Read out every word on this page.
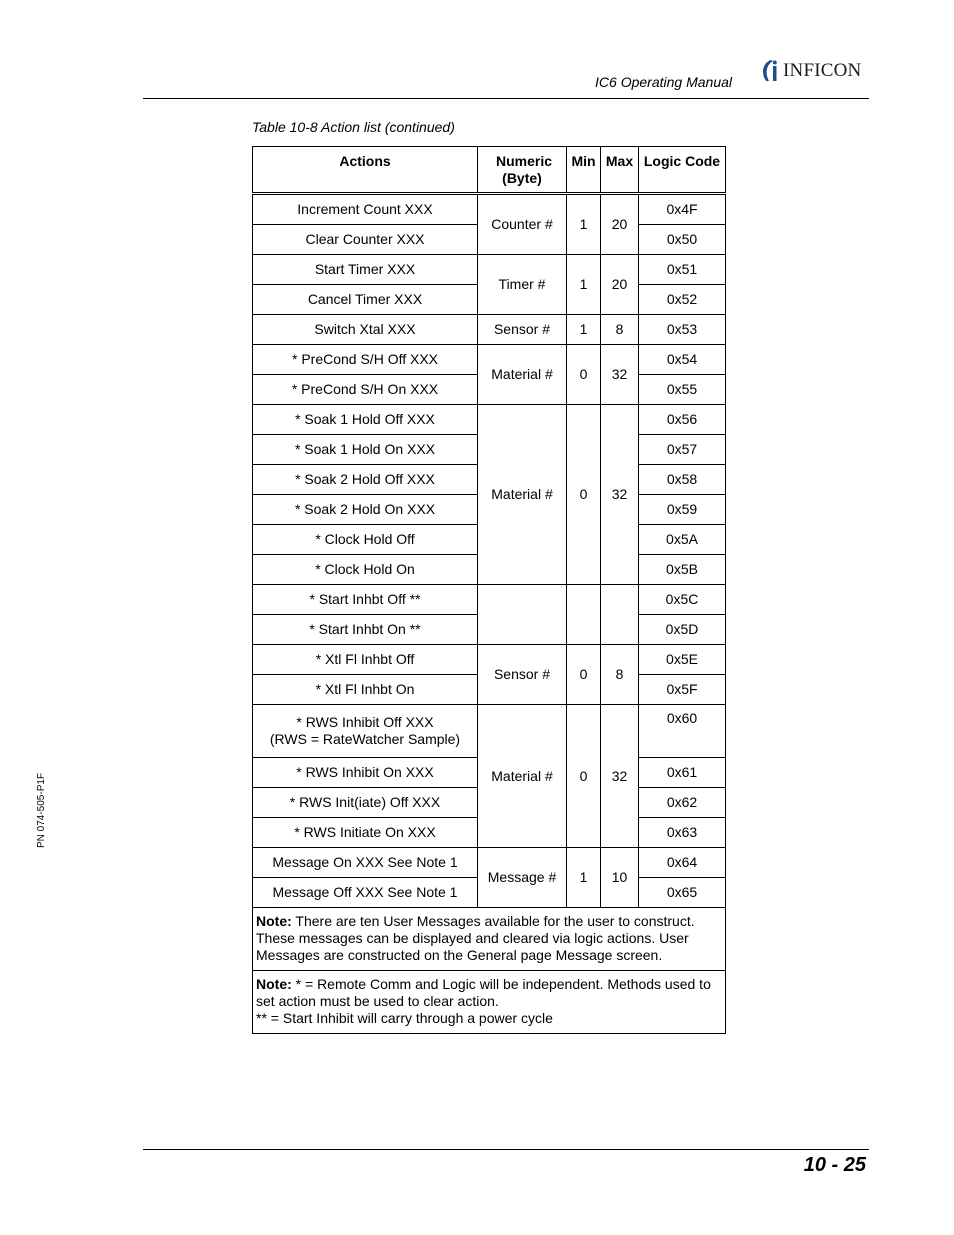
IC6 Operating Manual
INFICON
Table 10-8 Action list (continued)
Actions	Numeric (Byte)	Min	Max	Logic Code
Increment Count XXX	Counter #	1	20	0x4F
Clear Counter XXX				0x50
Start Timer XXX	Timer #	1	20	0x51
Cancel Timer XXX				0x52
Switch Xtal XXX	Sensor #	1	8	0x53
* PreCond S/H Off XXX	Material #	0	32	0x54
* PreCond S/H On XXX				0x55
* Soak 1 Hold Off XXX	Material #	0	32	0x56
* Soak 1 Hold On XXX				0x57
* Soak 2 Hold Off XXX				0x58
* Soak 2 Hold On XXX				0x59
* Clock Hold Off				0x5A
* Clock Hold On				0x5B
* Start Inhbt Off **				0x5C
* Start Inhbt On **				0x5D
* Xtl Fl Inhbt Off	Sensor #	0	8	0x5E
* Xtl Fl Inhbt On				0x5F
* RWS Inhibit Off XXX
(RWS = RateWatcher Sample)	Material #	0	32	0x60
* RWS Inhibit On XXX				0x61
* RWS Init(iate) Off XXX				0x62
* RWS Initiate On XXX				0x63
Message On XXX See Note 1	Message #	1	10	0x64
Message Off XXX See Note 1				0x65
Note: There are ten User Messages available for the user to construct. These messages can be displayed and cleared via logic actions. User Messages are constructed on the General page Message screen.				
Note: * = Remote Comm and Logic will be independent. Methods used to set action must be used to clear action.
** = Start Inhibit will carry through a power cycle				
PN 074-505-P1F
10 - 25
